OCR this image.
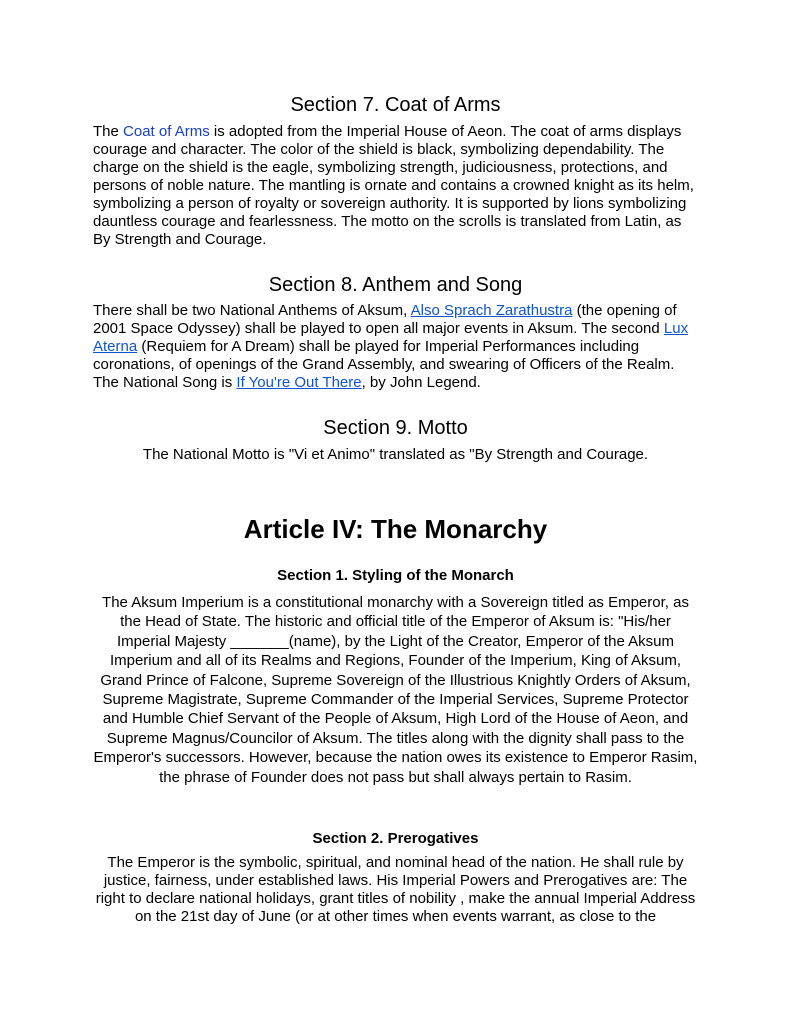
Section 7. Coat of Arms

The Coat of Arms is adopted from the Imperial House of Aeon. The coat of arms displays courage and character. The color of the shield is black, symbolizing dependability. The charge on the shield is the eagle, symbolizing strength, judiciousness, protections, and persons of noble nature. The mantling is ornate and contains a crowned knight as its helm, symbolizing a person of royalty or sovereign authority. It is supported by lions symbolizing dauntless courage and fearlessness. The motto on the scrolls is translated from Latin, as By Strength and Courage.

Section 8. Anthem and Song

There shall be two National Anthems of Aksum, Also Sprach Zarathustra (the opening of 2001 Space Odyssey) shall be played to open all major events in Aksum. The second Lux Aterna (Requiem for A Dream) shall be played for Imperial Performances including coronations, of openings of the Grand Assembly, and swearing of Officers of the Realm. The National Song is If You're Out There, by John Legend.

Section 9. Motto

The National Motto is "Vi et Animo" translated as "By Strength and Courage.

Article IV: The Monarchy
Section 1. Styling of the Monarch

The Aksum Imperium is a constitutional monarchy with a Sovereign titled as Emperor, as the Head of State. The historic and official title of the Emperor of Aksum is: "His/her Imperial Majesty _______(name), by the Light of the Creator, Emperor of the Aksum Imperium and all of its Realms and Regions, Founder of the Imperium, King of Aksum, Grand Prince of Falcone, Supreme Sovereign of the Illustrious Knightly Orders of Aksum, Supreme Magistrate, Supreme Commander of the Imperial Services, Supreme Protector and Humble Chief Servant of the People of Aksum, High Lord of the House of Aeon, and Supreme Magnus/Councilor of Aksum. The titles along with the dignity shall pass to the Emperor's successors. However, because the nation owes its existence to Emperor Rasim, the phrase of Founder does not pass but shall always pertain to Rasim.

Section 2. Prerogatives

The Emperor is the symbolic, spiritual, and nominal head of the nation. He shall rule by justice, fairness, under established laws. His Imperial Powers and Prerogatives are: The right to declare national holidays, grant titles of nobility , make the annual Imperial Address on the 21st day of June (or at other times when events warrant, as close to the
